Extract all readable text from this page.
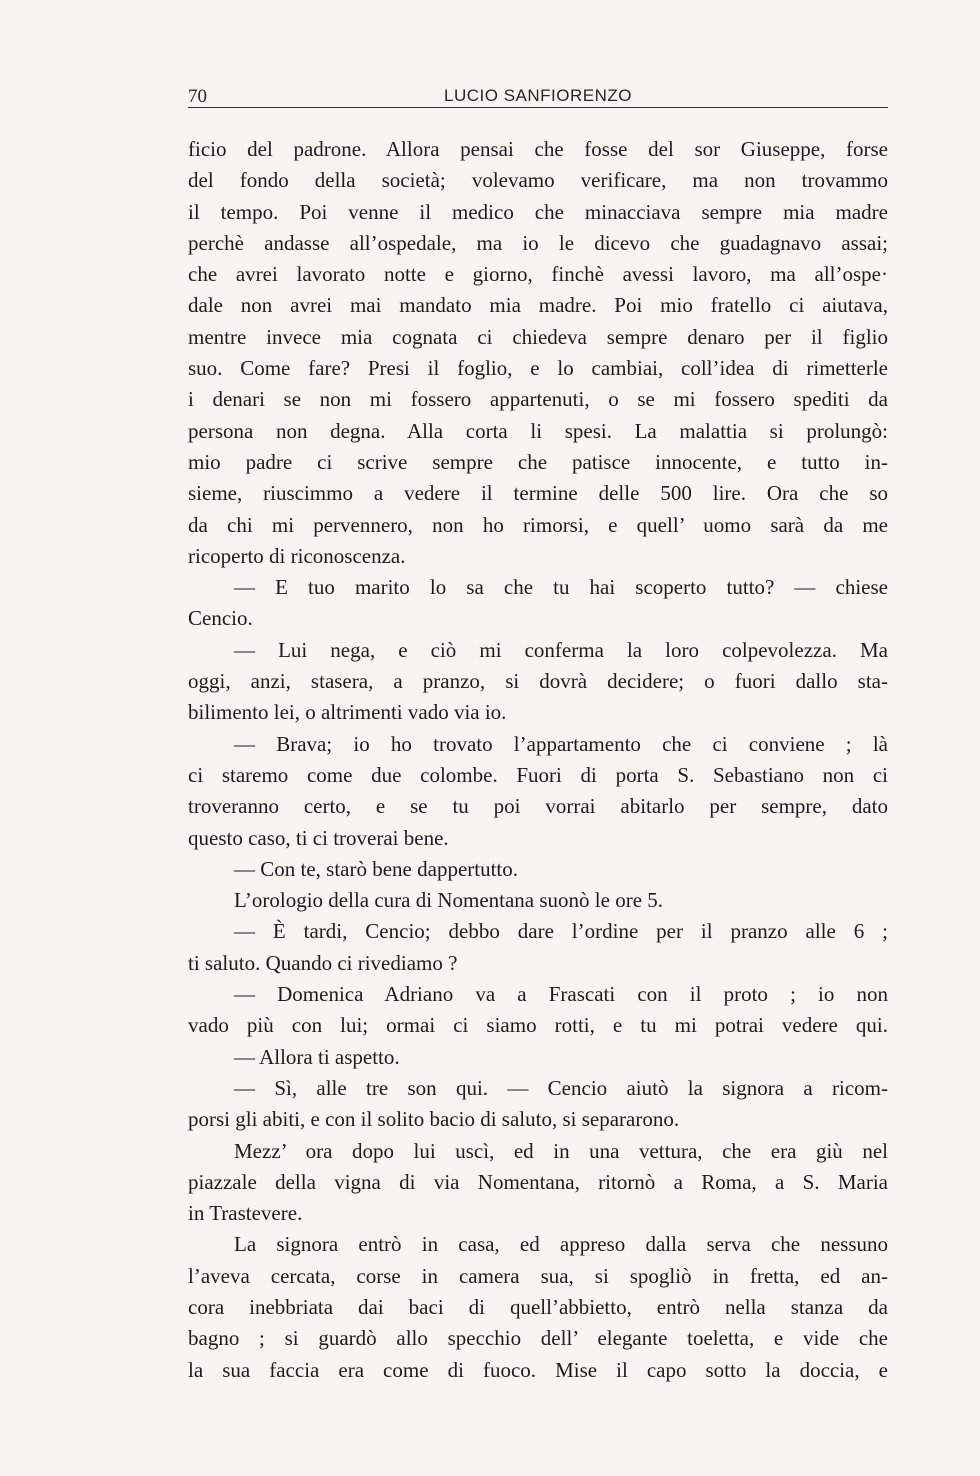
70	LUCIO SANFIORENZO
ficio del padrone. Allora pensai che fosse del sor Giuseppe, forse
del fondo della società; volevamo verificare, ma non trovammo
il tempo. Poi venne il medico che minacciava sempre mia madre
perchè andasse all’ospedale, ma io le dicevo che guadagnavo assai;
che avrei lavorato notte e giorno, finchè avessi lavoro, ma all’ospe·
dale non avrei mai mandato mia madre. Poi mio fratello ci aiutava,
mentre invece mia cognata ci chiedeva sempre denaro per il figlio
suo. Come fare? Presi il foglio, e lo cambiai, coll’idea di rimetterle
i denari se non mi fossero appartenuti, o se mi fossero spediti da
persona non degna. Alla corta li spesi. La malattia si prolungò:
mio padre ci scrive sempre che patisce innocente, e tutto in-
sieme, riuscimmo a vedere il termine delle 500 lire. Ora che so
da chi mi pervennero, non ho rimorsi, e quell’ uomo sarà da me
ricoperto di riconoscenza.
— E tuo marito lo sa che tu hai scoperto tutto? — chiese
Cencio.
— Lui nega, e ciò mi conferma la loro colpevolezza. Ma
oggi, anzi, stasera, a pranzo, si dovrà decidere; o fuori dallo sta-
bilimento lei, o altrimenti vado via io.
— Brava; io ho trovato l’appartamento che ci conviene ; là
ci staremo come due colombe. Fuori di porta S. Sebastiano non ci
troveranno certo, e se tu poi vorrai abitarlo per sempre, dato
questo caso, ti ci troverai bene.
— Con te, starò bene dappertutto.
L’orologio della cura di Nomentana suonò le ore 5.
— È tardi, Cencio; debbo dare l’ordine per il pranzo alle 6 ;
ti saluto. Quando ci rivediamo ?
— Domenica Adriano va a Frascati con il proto ; io non
vado più con lui; ormai ci siamo rotti, e tu mi potrai vedere qui.
— Allora ti aspetto.
— Sì, alle tre son qui. — Cencio aiutò la signora a ricom-
porsi gli abiti, e con il solito bacio di saluto, si separarono.
Mezz’ ora dopo lui uscì, ed in una vettura, che era giù nel
piazzale della vigna di via Nomentana, ritornò a Roma, a S. Maria
in Trastevere.
La signora entrò in casa, ed appreso dalla serva che nessuno
l’aveva cercata, corse in camera sua, si spogliò in fretta, ed an-
cora inebbriata dai baci di quell’abbietto, entrò nella stanza da
bagno ; si guardò allo specchio dell’ elegante toeletta, e vide che
la sua faccia era come di fuoco. Mise il capo sotto la doccia, e
